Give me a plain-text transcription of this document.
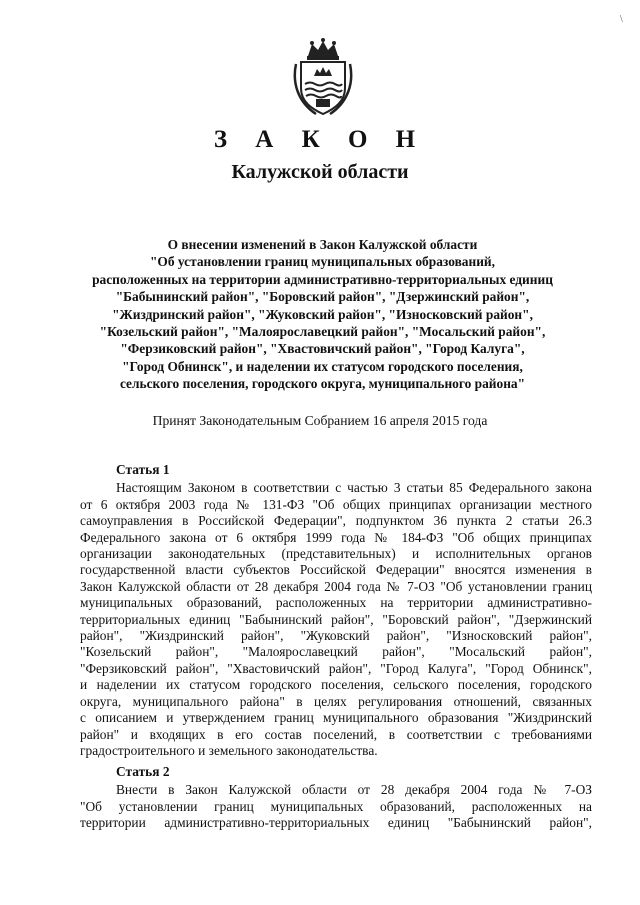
\
З А К О Н
Калужской области
О внесении изменений в Закон Калужской области
"Об установлении границ муниципальных образований,
расположенных на территории административно-территориальных единиц
"Бабынинский район", "Боровский район", "Дзержинский район",
"Жиздринский район", "Жуковский район", "Износковский район",
"Козельский район", "Малоярославецкий район", "Мосальский район",
"Ферзиковский район", "Хвастовичский район", "Город Калуга",
"Город Обнинск", и наделении их статусом городского поселения,
сельского поселения, городского округа, муниципального района"
Принят Законодательным Собранием 16 апреля 2015 года
Статья 1
Настоящим Законом в соответствии с частью 3 статьи 85 Федерального закона
от 6 октября 2003 года № 131-ФЗ "Об общих принципах организации местного
самоуправления в Российской Федерации", подпунктом 36 пункта 2 статьи 26.3
Федерального закона от 6 октября 1999 года № 184-ФЗ "Об общих принципах
организации законодательных (представительных) и исполнительных органов
государственной власти субъектов Российской Федерации" вносятся изменения в
Закон Калужской области от 28 декабря 2004 года № 7-ОЗ "Об установлении границ
муниципальных образований, расположенных на территории административно-
территориальных единиц "Бабынинский район", "Боровский район", "Дзержинский
район", "Жиздринский район", "Жуковский район", "Износковский район",
"Козельский район", "Малоярославецкий район", "Мосальский район",
"Ферзиковский район", "Хвастовичский район", "Город Калуга", "Город Обнинск",
и наделении их статусом городского поселения, сельского поселения, городского
округа, муниципального района" в целях регулирования отношений, связанных
с описанием и утверждением границ муниципального образования "Жиздринский
район" и входящих в его состав поселений, в соответствии с требованиями
градостроительного и земельного законодательства.
Статья 2
Внести в Закон Калужской области от 28 декабря 2004 года № 7-ОЗ
"Об установлении границ муниципальных образований, расположенных на
территории административно-территориальных единиц "Бабынинский район",
